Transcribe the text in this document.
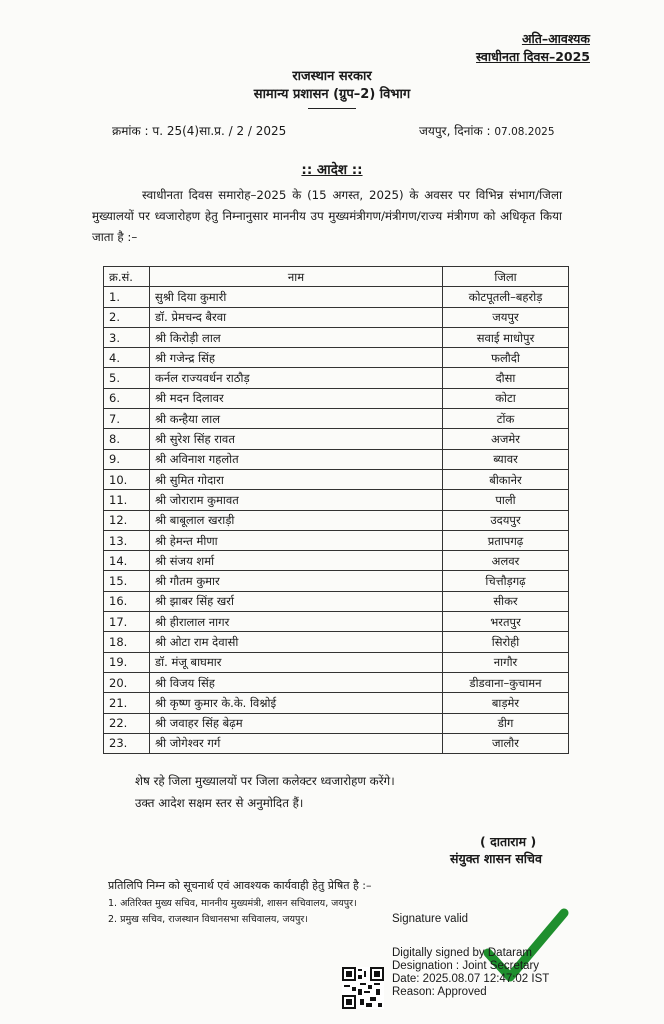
अति–आवश्यक
स्वाधीनता दिवस–2025
राजस्थान सरकार
सामान्य प्रशासन (ग्रुप–2) विभाग
क्रमांक : प. 25(4)सा.प्र. / 2 / 2025	जयपुर, दिनांक : 07.08.2025
:: आदेश ::
स्वाधीनता दिवस समारोह–2025 के (15 अगस्त, 2025) के अवसर पर विभिन्न संभाग/जिला मुख्यालयों पर ध्वजारोहण हेतु निम्नानुसार माननीय उप मुख्यमंत्रीगण/मंत्रीगण/राज्य मंत्रीगण को अधिकृत किया जाता है :–
क्र.सं.	नाम	जिला
1.	सुश्री दिया कुमारी	कोटपूतली–बहरोड़
2.	डॉ. प्रेमचन्द बैरवा	जयपुर
3.	श्री किरोड़ी लाल	सवाई माधोपुर
4.	श्री गजेन्द्र सिंह	फलौदी
5.	कर्नल राज्यवर्धन राठौड़	दौसा
6.	श्री मदन दिलावर	कोटा
7.	श्री कन्हैया लाल	टोंक
8.	श्री सुरेश सिंह रावत	अजमेर
9.	श्री अविनाश गहलोत	ब्यावर
10.	श्री सुमित गोदारा	बीकानेर
11.	श्री जोराराम कुमावत	पाली
12.	श्री बाबूलाल खराड़ी	उदयपुर
13.	श्री हेमन्त मीणा	प्रतापगढ़
14.	श्री संजय शर्मा	अलवर
15.	श्री गौतम कुमार	चित्तौड़गढ़
16.	श्री झाबर सिंह खर्रा	सीकर
17.	श्री हीरालाल नागर	भरतपुर
18.	श्री ओटा राम देवासी	सिरोही
19.	डॉ. मंजू बाघमार	नागौर
20.	श्री विजय सिंह	डीडवाना–कुचामन
21.	श्री कृष्ण कुमार के.के. विश्नोई	बाड़मेर
22.	श्री जवाहर सिंह बेढ़म	डीग
23.	श्री जोगेश्वर गर्ग	जालौर
शेष रहे जिला मुख्यालयों पर जिला कलेक्टर ध्वजारोहण करेंगे।
उक्त आदेश सक्षम स्तर से अनुमोदित हैं।
( दाताराम )
संयुक्त शासन सचिव
प्रतिलिपि निम्न को सूचनार्थ एवं आवश्यक कार्यवाही हेतु प्रेषित है :–
1. अतिरिक्त मुख्य सचिव, माननीय मुख्यमंत्री, शासन सचिवालय, जयपुर।
2. प्रमुख सचिव, राजस्थान विधानसभा सचिवालय, जयपुर।	Signature valid
Digitally signed by Dataram
Designation : Joint Secretary
Date: 2025.08.07 12:47:02 IST
Reason: Approved
